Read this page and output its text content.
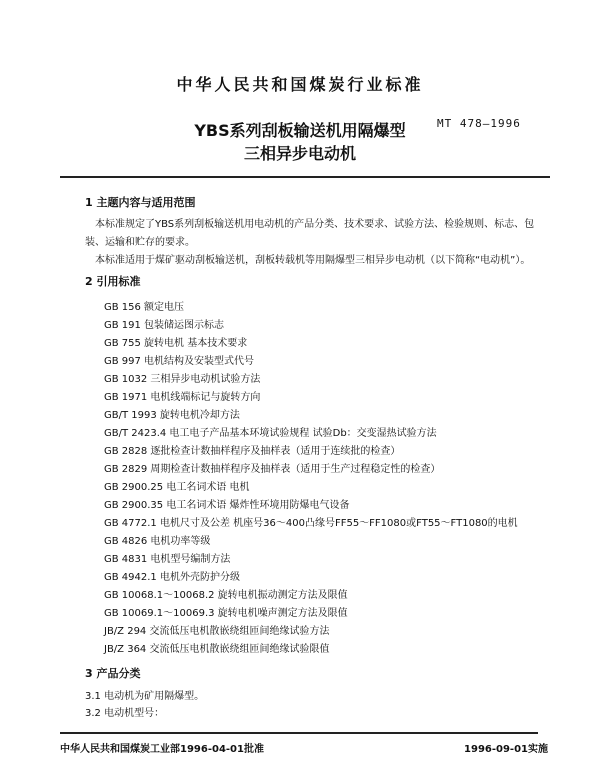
中华人民共和国煤炭行业标准
MT 478—1996
YBS系列刮板输送机用隔爆型
三相异步电动机
1 主题内容与适用范围
本标准规定了YBS系列刮板输送机用电动机的产品分类、技术要求、试验方法、检验规则、标志、包
装、运输和贮存的要求。
本标准适用于煤矿驱动刮板输送机，刮板转载机等用隔爆型三相异步电动机（以下简称“电动机”）。
2 引用标准
GB 156 额定电压
GB 191 包装储运图示标志
GB 755 旋转电机 基本技术要求
GB 997 电机结构及安装型式代号
GB 1032 三相异步电动机试验方法
GB 1971 电机线端标记与旋转方向
GB/T 1993 旋转电机冷却方法
GB/T 2423.4 电工电子产品基本环境试验规程 试验Db：交变湿热试验方法
GB 2828 逐批检查计数抽样程序及抽样表（适用于连续批的检查）
GB 2829 周期检查计数抽样程序及抽样表（适用于生产过程稳定性的检查）
GB 2900.25 电工名词术语 电机
GB 2900.35 电工名词术语 爆炸性环境用防爆电气设备
GB 4772.1 电机尺寸及公差 机座号36～400凸缘号FF55～FF1080或FT55～FT1080的电机
GB 4826 电机功率等级
GB 4831 电机型号编制方法
GB 4942.1 电机外壳防护分级
GB 10068.1～10068.2 旋转电机振动测定方法及限值
GB 10069.1～10069.3 旋转电机噪声测定方法及限值
JB/Z 294 交流低压电机散嵌绕组匝间绝缘试验方法
JB/Z 364 交流低压电机散嵌绕组匝间绝缘试验限值
3 产品分类
3.1 电动机为矿用隔爆型。
3.2 电动机型号：
中华人民共和国煤炭工业部1996-04-01批准	1996-09-01实施
